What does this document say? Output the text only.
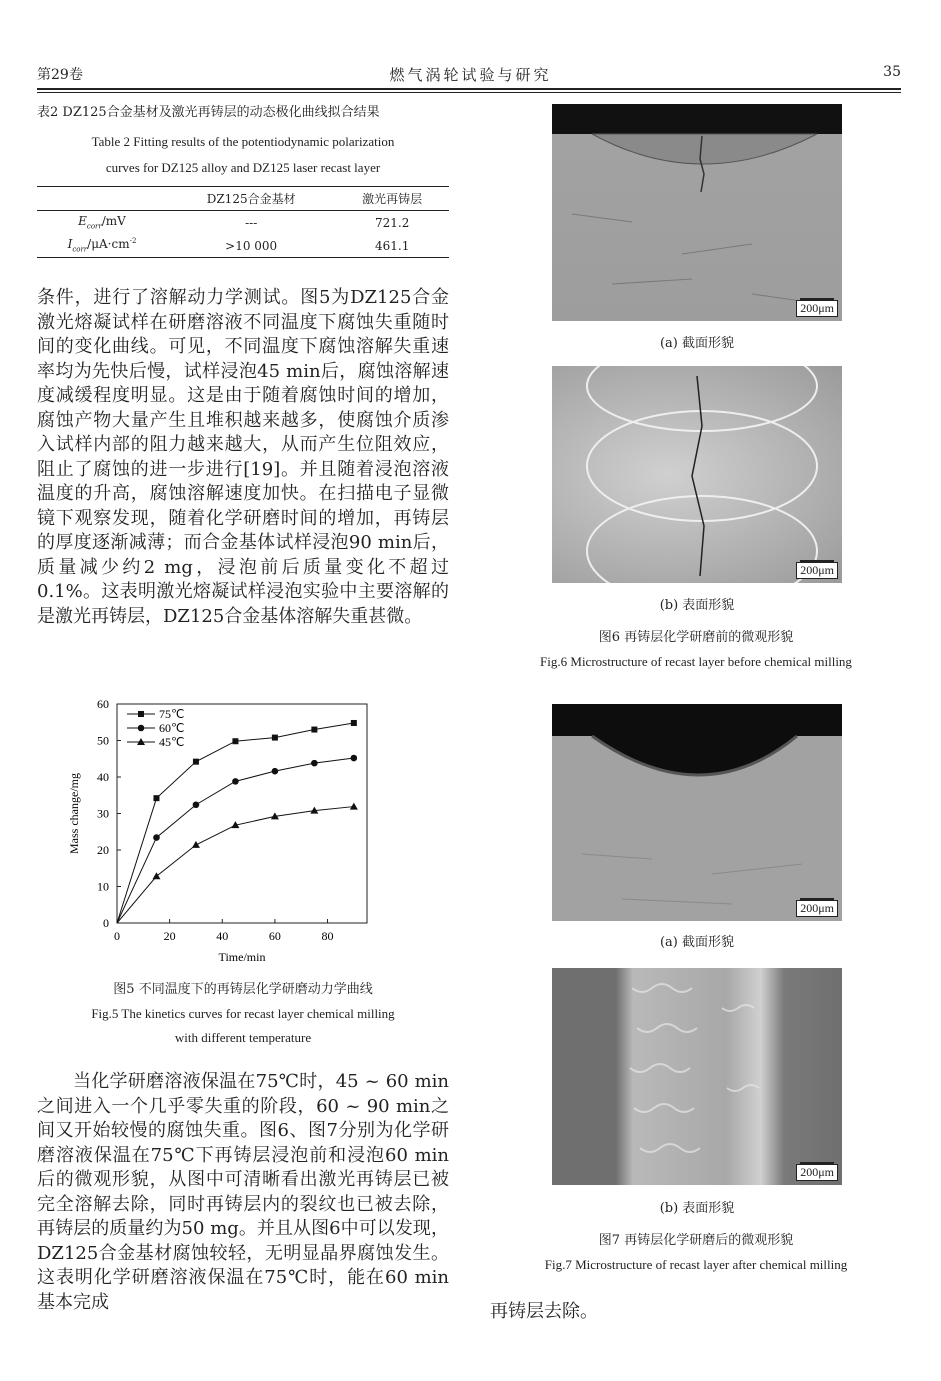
第29卷	燃气涡轮试验与研究	35
表2 DZ125合金基材及激光再铸层的动态极化曲线拟合结果
Table 2 Fitting results of the potentiodynamic polarization
curves for DZ125 alloy and DZ125 laser recast layer
	DZ125合金基材	激光再铸层
$E_{corr}/mV$	---	721.2
$I_{corr}/\mu A\cdot cm^{-2}$	>10 000	461.1
条件，进行了溶解动力学测试。图5为DZ125合金激光熔凝试样在研磨溶液不同温度下腐蚀失重随时间的变化曲线。可见，不同温度下腐蚀溶解失重速率均为先快后慢，试样浸泡45 min后，腐蚀溶解速度减缓程度明显。这是由于随着腐蚀时间的增加，腐蚀产物大量产生且堆积越来越多，使腐蚀介质渗入试样内部的阻力越来越大，从而产生位阻效应，阻止了腐蚀的进一步进行[19]。并且随着浸泡溶液温度的升高，腐蚀溶解速度加快。在扫描电子显微镜下观察发现，随着化学研磨时间的增加，再铸层的厚度逐渐减薄；而合金基体试样浸泡90 min后，质量减少约2 mg，浸泡前后质量变化不超过0.1%。这表明激光熔凝试样浸泡实验中主要溶解的是激光再铸层，DZ125合金基体溶解失重甚微。
0	20	40	60	80
0
10
20
30
40
50
60
Time/min
Mass change/mg
75℃
60℃
45℃
图5 不同温度下的再铸层化学研磨动力学曲线
Fig.5 The kinetics curves for recast layer chemical milling
with different temperature
当化学研磨溶液保温在75℃时，45 ~ 60 min之间进入一个几乎零失重的阶段，60 ~ 90 min之间又开始较慢的腐蚀失重。图6、图7分别为化学研磨溶液保温在75℃下再铸层浸泡前和浸泡60 min后的微观形貌，从图中可清晰看出激光再铸层已被完全溶解去除，同时再铸层内的裂纹也已被去除，再铸层的质量约为50 mg。并且从图6中可以发现，DZ125合金基材腐蚀较轻，无明显晶界腐蚀发生。这表明化学研磨溶液保温在75℃时，能在60 min基本完成
200μm
(a) 截面形貌
200μm
(b) 表面形貌
图6 再铸层化学研磨前的微观形貌
Fig.6 Microstructure of recast layer before chemical milling
200μm
(a) 截面形貌
200μm
(b) 表面形貌
图7 再铸层化学研磨后的微观形貌
Fig.7 Microstructure of recast layer after chemical milling
再铸层去除。
